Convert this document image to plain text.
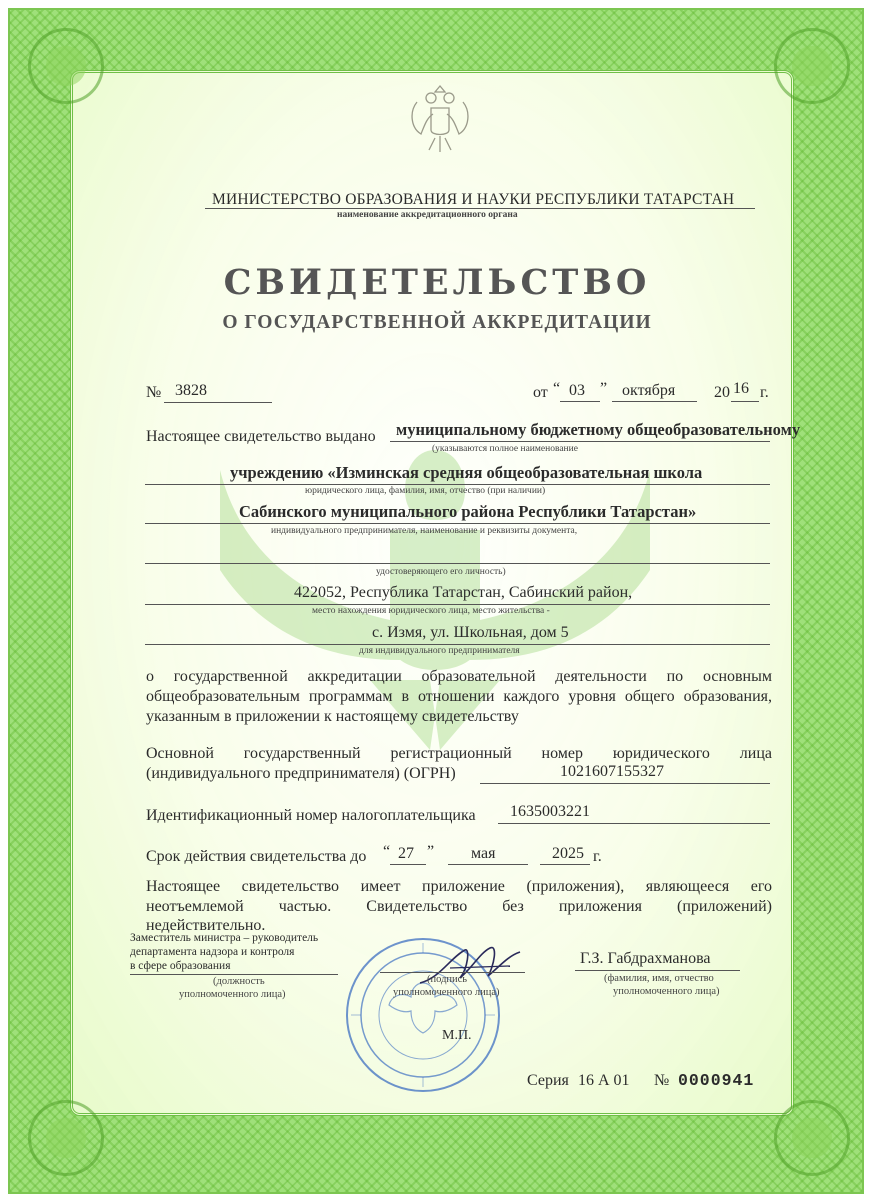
МИНИСТЕРСТВО ОБРАЗОВАНИЯ И НАУКИ РЕСПУБЛИКИ ТАТАРСТАН
наименование аккредитационного органа
СВИДЕТЕЛЬСТВО
О ГОСУДАРСТВЕННОЙ АККРЕДИТАЦИИ
№ 3828	от “ 03 ” октября 20 16 г.
Настоящее свидетельство выдано муниципальному бюджетному общеобразовательному
(указываются полное наименование
учреждению «Изминская средняя общеобразовательная школа
юридического лица, фамилия, имя, отчество (при наличии)
Сабинского муниципального района Республики Татарстан»
индивидуального предпринимателя, наименование и реквизиты документа,
удостоверяющего его личность)
422052, Республика Татарстан, Сабинский район,
место нахождения юридического лица, место жительства -
с. Измя, ул. Школьная, дом 5
для индивидуального предпринимателя
о государственной аккредитации образовательной деятельности по основным
общеобразовательным программам в отношении каждого уровня общего образования,
указанным в приложении к настоящему свидетельству
Основной государственный регистрационный номер юридического лица
(индивидуального предпринимателя) (ОГРН)	1021607155327
Идентификационный номер налогоплательщика 1635003221
Срок действия свидетельства до “ 27 ” мая	2025 г.
Настоящее свидетельство имеет приложение (приложения), являющееся его
неотъемлемой частью. Свидетельство без приложения (приложений)
недействительно.
Заместитель министра – руководитель
департамента надзора и контроля
в сфере образования
(должность
уполномоченного лица)
(подпись
уполномоченного лица)
Г.З. Габдрахманова
(фамилия, имя, отчество
уполномоченного лица)
М.П.
Серия 16 А 01 № 0000941
